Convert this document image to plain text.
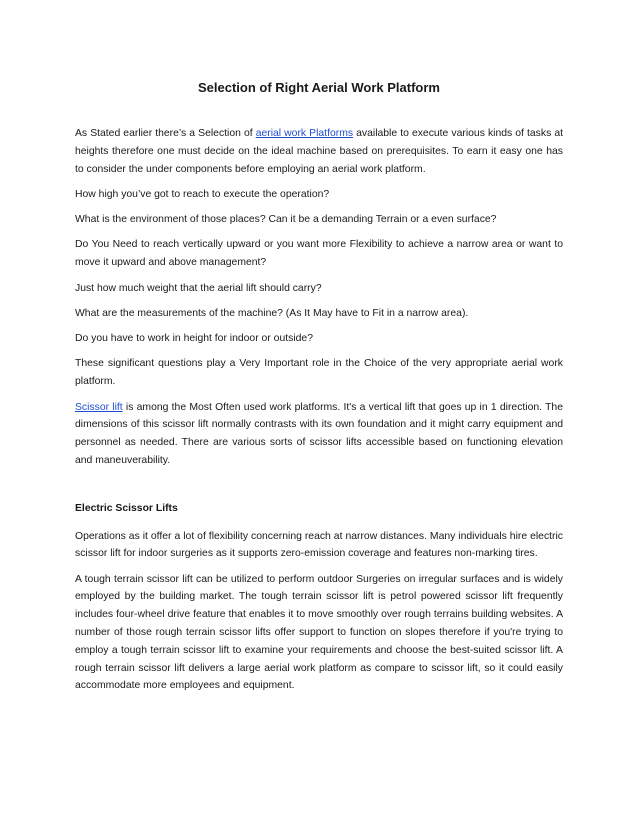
Selection of Right Aerial Work Platform

As Stated earlier there’s a Selection of aerial work Platforms available to execute various kinds of tasks at heights therefore one must decide on the ideal machine based on prerequisites. To earn it easy one has to consider the under components before employing an aerial work platform.

How high you’ve got to reach to execute the operation?

What is the environment of those places? Can it be a demanding Terrain or a even surface?

Do You Need to reach vertically upward or you want more Flexibility to achieve a narrow area or want to move it upward and above management?

Just how much weight that the aerial lift should carry?

What are the measurements of the machine? (As It May have to Fit in a narrow area).

Do you have to work in height for indoor or outside?

These significant questions play a Very Important role in the Choice of the very appropriate aerial work platform.

Scissor lift is among the Most Often used work platforms. It's a vertical lift that goes up in 1 direction. The dimensions of this scissor lift normally contrasts with its own foundation and it might carry equipment and personnel as needed. There are various sorts of scissor lifts accessible based on functioning elevation and maneuverability.

Electric Scissor Lifts

Operations as it offer a lot of flexibility concerning reach at narrow distances. Many individuals hire electric scissor lift for indoor surgeries as it supports zero-emission coverage and features non-marking tires.

A tough terrain scissor lift can be utilized to perform outdoor Surgeries on irregular surfaces and is widely employed by the building market. The tough terrain scissor lift is petrol powered scissor lift frequently includes four-wheel drive feature that enables it to move smoothly over rough terrains building websites. A number of those rough terrain scissor lifts offer support to function on slopes therefore if you're trying to employ a tough terrain scissor lift to examine your requirements and choose the best-suited scissor lift. A rough terrain scissor lift delivers a large aerial work platform as compare to scissor lift, so it could easily accommodate more employees and equipment.
